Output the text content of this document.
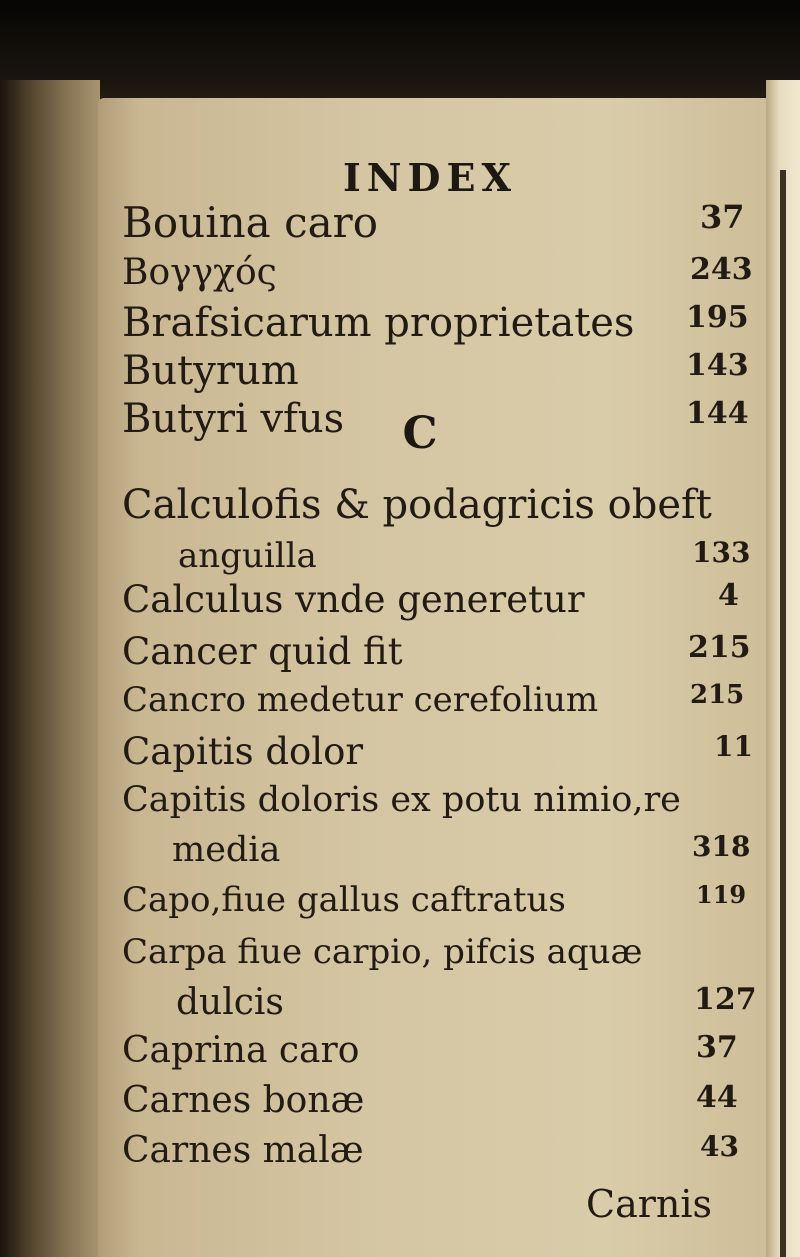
INDEX
Bouina caro	37
Βογγχός	243
Brafsicarum proprietates 195
Butyrum	143
Butyri vfus	144
C
Calculofis & podagricis obeft
anguilla	133
Calculus vnde generetur	4
Cancer quid fit	215
Cancro medetur cerefolium	215
Capitis dolor	11
Capitis doloris ex potu nimio,re
media	318
Capo,fiue gallus caftratus	119
Carpa fiue carpio, pifcis aquæ
dulcis	127
Caprina caro	37
Carnes bonæ	44
Carnes malæ	43
Carnis
